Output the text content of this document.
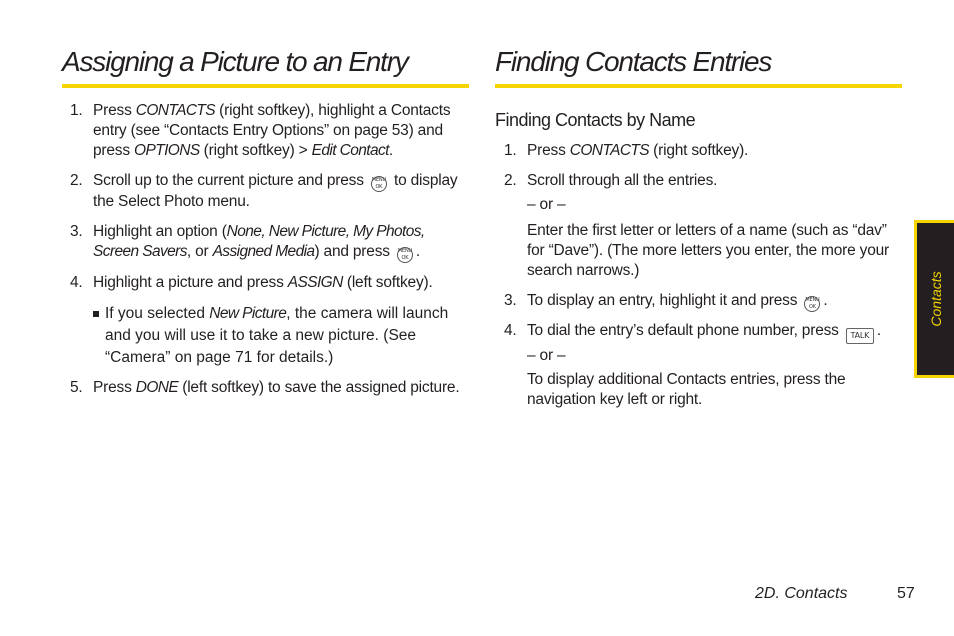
Assigning a Picture to an Entry
1. Press CONTACTS (right softkey), highlight a Contacts entry (see “Contacts Entry Options” on page 53) and press OPTIONS (right softkey) > Edit Contact.
2. Scroll up to the current picture and press MENU
OK to display the Select Photo menu.
3. Highlight an option (None, New Picture, My Photos, Screen Savers, or Assigned Media) and press MENU
OK .
4. Highlight a picture and press ASSIGN (left softkey).
If you selected New Picture, the camera will launch and you will use it to take a new picture. (See “Camera” on page 71 for details.)
5. Press DONE (left softkey) to save the assigned picture.
Finding Contacts Entries
Finding Contacts by Name
1. Press CONTACTS (right softkey).
2. Scroll through all the entries.
– or –
Enter the first letter or letters of a name (such as “dav” for “Dave”). (The more letters you enter, the more your search narrows.)
3. To display an entry, highlight it and press MENU
OK .
4. To dial the entry’s default phone number, press TALK .
– or –
To display additional Contacts entries, press the navigation key left or right.
Contacts
2D. Contacts	57
